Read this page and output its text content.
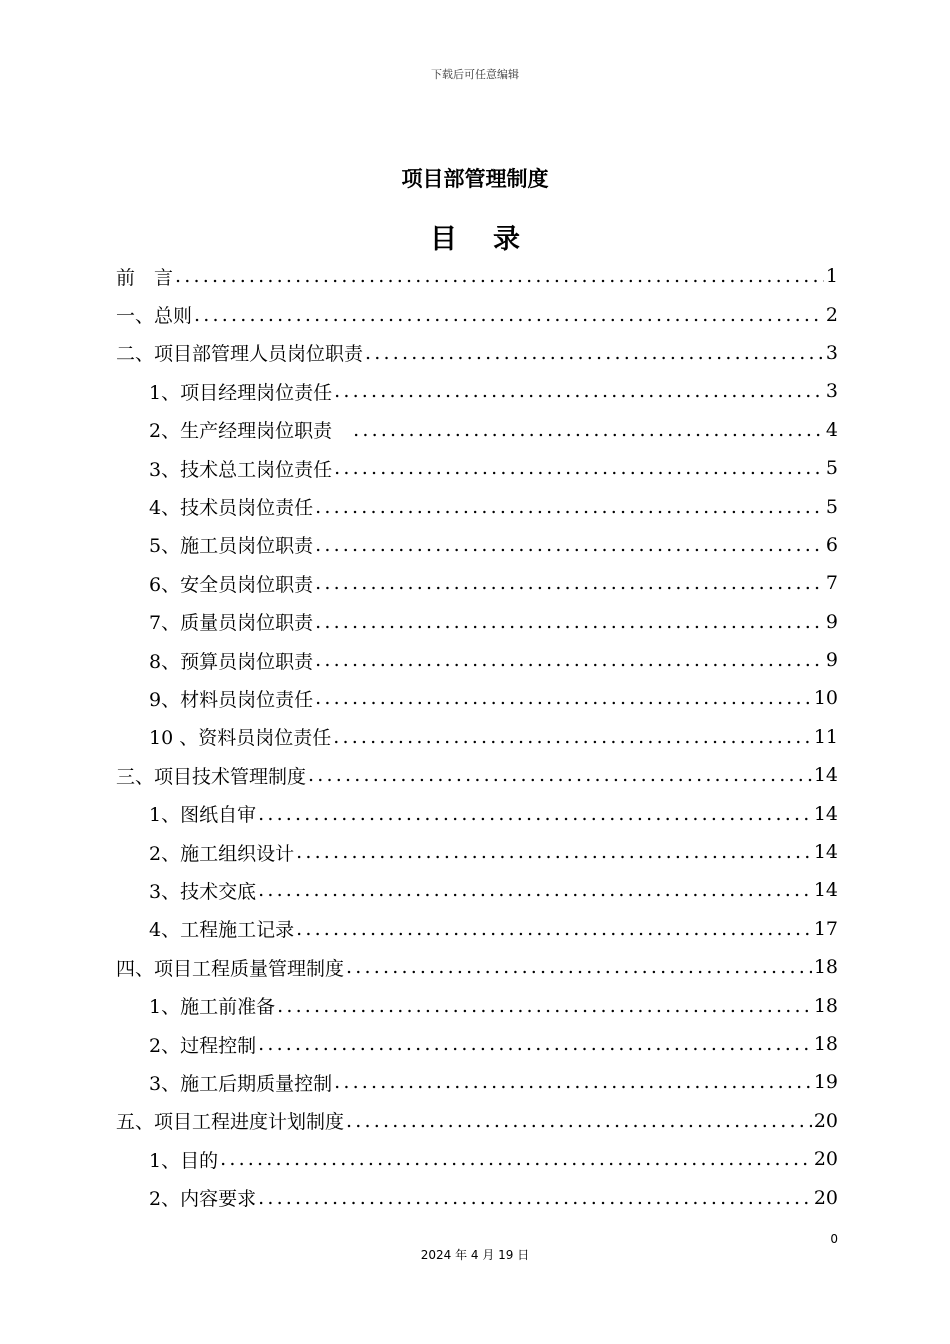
下载后可任意编辑
项目部管理制度
目录
前　言 .....	1
一、总则 .....	2
二、项目部管理人员岗位职责 .....	3
1、项目经理岗位责任 .....	3
2、生产经理岗位职责　 .....	4
3、技术总工岗位责任 .....	5
4、技术员岗位责任 .....	5
5、施工员岗位职责 .....	6
6、安全员岗位职责 .....	7
7、质量员岗位职责 .....	9
8、预算员岗位职责 .....	9
9、材料员岗位责任 .....	10
10 、资料员岗位责任 .....	11
三、项目技术管理制度 .....	14
1、图纸自审 .....	14
2、施工组织设计 .....	14
3、技术交底 .....	14
4、工程施工记录 .....	17
四、项目工程质量管理制度 .....	18
1、施工前准备 .....	18
2、过程控制 .....	18
3、施工后期质量控制 .....	19
五、项目工程进度计划制度 .....	20
1、目的 .....	20
2、内容要求 .....	20
0
2024 年 4 月 19 日
